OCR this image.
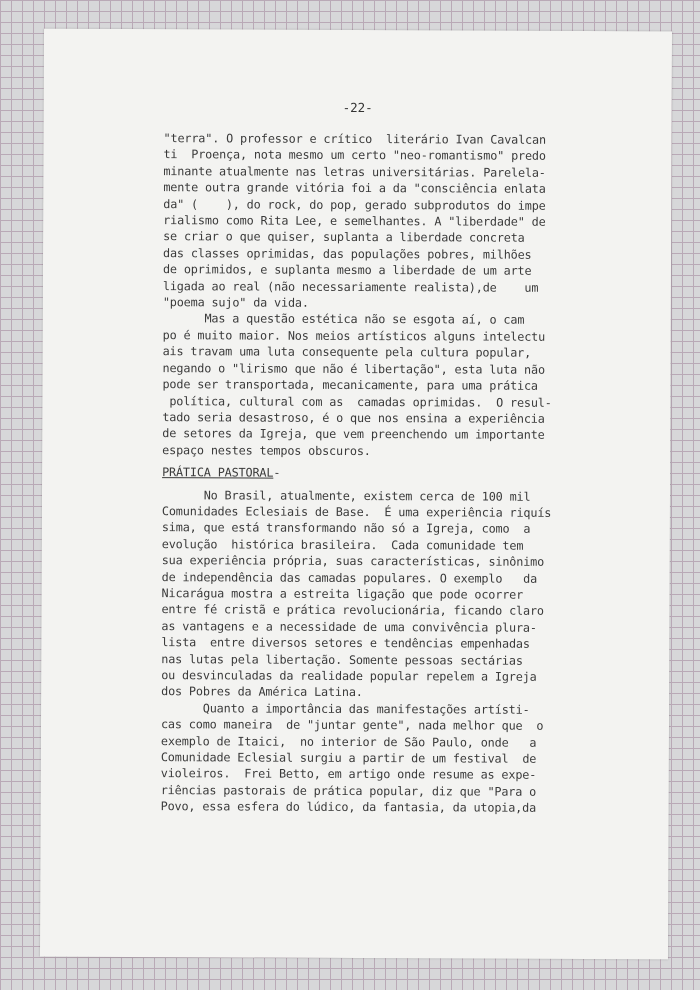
-22-
"terra". O professor e crítico  literário Ivan Cavalcan
ti  Proença, nota mesmo um certo "neo-romantismo" predo
minante atualmente nas letras universitárias. Parelela-
mente outra grande vitória foi a da "consciência enlata
da" (    ), do rock, do pop, gerado subprodutos do impe
rialismo como Rita Lee, e semelhantes. A "liberdade" de
se criar o que quiser, suplanta a liberdade concreta
das classes oprimidas, das populações pobres, milhões
de oprimidos, e suplanta mesmo a liberdade de um arte
ligada ao real (não necessariamente realista),de    um
"poema sujo" da vida.
Mas a questão estética não se esgota aí, o cam
po é muito maior. Nos meios artísticos alguns intelectu
ais travam uma luta consequente pela cultura popular,
negando o "lirismo que não é libertação", esta luta não
pode ser transportada, mecanicamente, para uma prática
política, cultural com as  camadas oprimidas.  O resul-
tado seria desastroso, é o que nos ensina a experiência
de setores da Igreja, que vem preenchendo um importante
espaço nestes tempos obscuros.
PRÁTICA PASTORAL-
No Brasil, atualmente, existem cerca de 100 mil
Comunidades Eclesiais de Base.  É uma experiência riquís
sima, que está transformando não só a Igreja, como  a
evolução  histórica brasileira.  Cada comunidade tem
sua experiência própria, suas características, sinônimo
de independência das camadas populares. O exemplo   da
Nicarágua mostra a estreita ligação que pode ocorrer
entre fé cristã e prática revolucionária, ficando claro
as vantagens e a necessidade de uma convivência plura-
lista  entre diversos setores e tendências empenhadas
nas lutas pela libertação. Somente pessoas sectárias
ou desvinculadas da realidade popular repelem a Igreja
dos Pobres da América Latina.
Quanto a importância das manifestações artísti-
cas como maneira  de "juntar gente", nada melhor que  o
exemplo de Itaici,  no interior de São Paulo, onde   a
Comunidade Eclesial surgiu a partir de um festival  de
violeiros.  Frei Betto, em artigo onde resume as expe-
riências pastorais de prática popular, diz que "Para o
Povo, essa esfera do lúdico, da fantasia, da utopia,da
